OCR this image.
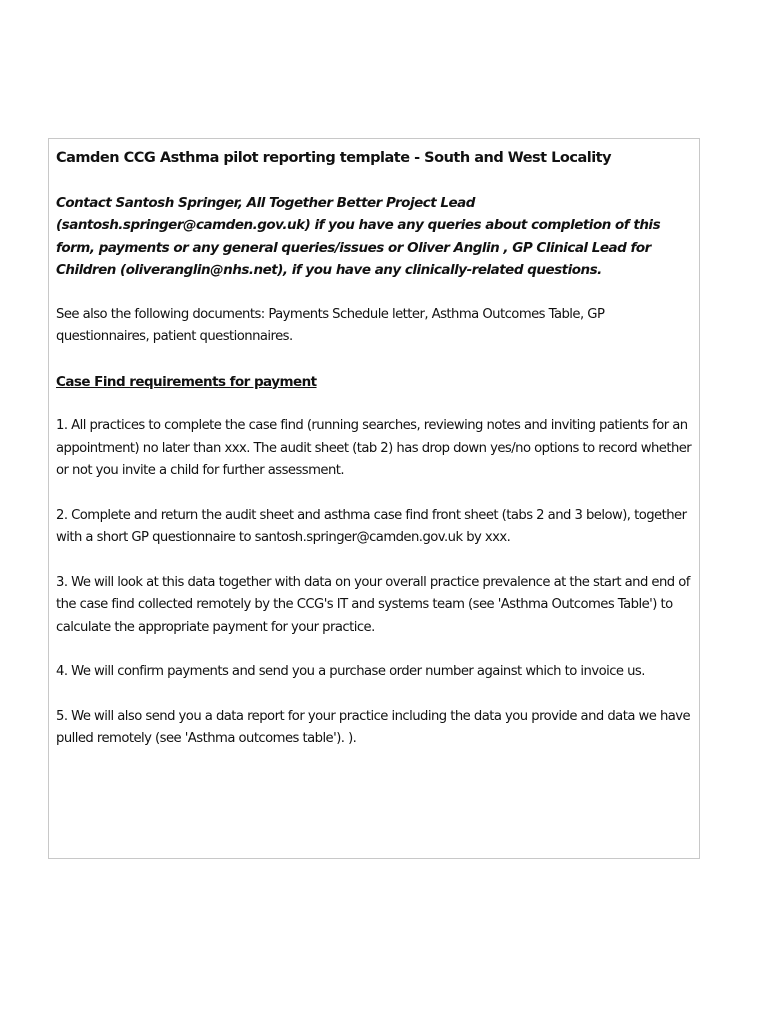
Camden CCG Asthma pilot reporting template - South and West Locality

Contact Santosh Springer, All Together Better Project Lead (santosh.springer@camden.gov.uk) if you have any queries about completion of this form, payments or any general queries/issues or Oliver Anglin , GP Clinical Lead for Children (oliveranglin@nhs.net), if you have any clinically-related questions.

See also the following documents: Payments Schedule letter, Asthma Outcomes Table, GP questionnaires, patient questionnaires.

Case Find requirements for payment

1. All practices to complete the case find (running searches, reviewing notes and inviting patients for an appointment) no later than xxx. The audit sheet (tab 2) has drop down yes/no options to record whether or not you invite a child for further assessment.

2. Complete and return the audit sheet and asthma case find front sheet (tabs 2 and 3 below), together with a short GP questionnaire to santosh.springer@camden.gov.uk by xxx.

3. We will look at this data together with data on your overall practice prevalence at the start and end of the case find collected remotely by the CCG's IT and systems team (see 'Asthma Outcomes Table') to calculate the appropriate payment for your practice.

4. We will confirm payments and send you a purchase order number against which to invoice us.

5. We will also send you a data report for your practice including the data you provide and data we have pulled remotely (see 'Asthma outcomes table'). ).
